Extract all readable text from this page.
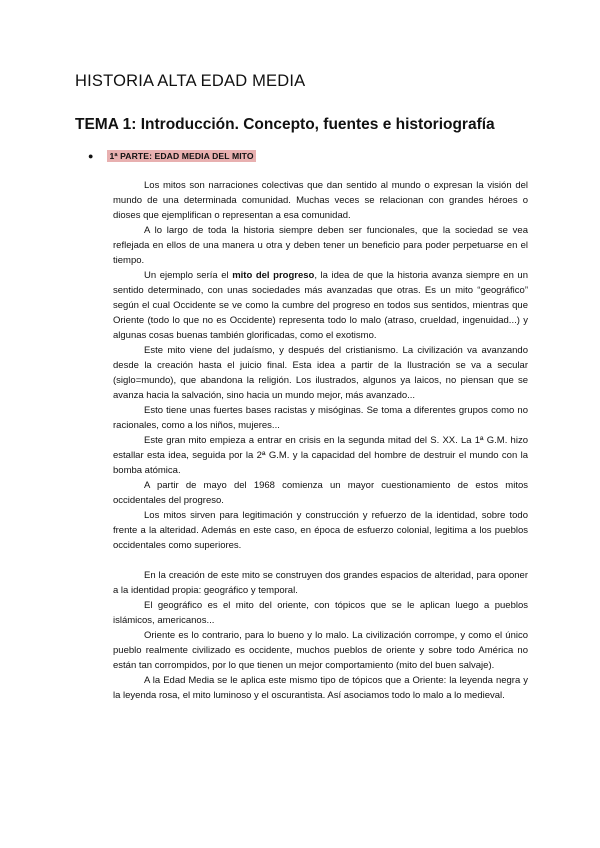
HISTORIA ALTA EDAD MEDIA
TEMA 1: Introducción. Concepto, fuentes e historiografía
● 1ª PARTE: EDAD MEDIA DEL MITO

Los mitos son narraciones colectivas que dan sentido al mundo o expresan la visión del mundo de una determinada comunidad. Muchas veces se relacionan con grandes héroes o dioses que ejemplifican o representan a esa comunidad.

A lo largo de toda la historia siempre deben ser funcionales, que la sociedad se vea reflejada en ellos de una manera u otra y deben tener un beneficio para poder perpetuarse en el tiempo.

Un ejemplo sería el mito del progreso, la idea de que la historia avanza siempre en un sentido determinado, con unas sociedades más avanzadas que otras. Es un mito “geográfico” según el cual Occidente se ve como la cumbre del progreso en todos sus sentidos, mientras que Oriente (todo lo que no es Occidente) representa todo lo malo (atraso, crueldad, ingenuidad...) y algunas cosas buenas también glorificadas, como el exotismo.

Este mito viene del judaísmo, y después del cristianismo. La civilización va avanzando desde la creación hasta el juicio final. Esta idea a partir de la Ilustración se va a secular (siglo=mundo), que abandona la religión. Los ilustrados, algunos ya laicos, no piensan que se avanza hacia la salvación, sino hacia un mundo mejor, más avanzado...

Esto tiene unas fuertes bases racistas y misóginas. Se toma a diferentes grupos como no racionales, como a los niños, mujeres...

Este gran mito empieza a entrar en crisis en la segunda mitad del S. XX. La 1ª G.M. hizo estallar esta idea, seguida por la 2ª G.M. y la capacidad del hombre de destruir el mundo con la bomba atómica.

A partir de mayo del 1968 comienza un mayor cuestionamiento de estos mitos occidentales del progreso.

Los mitos sirven para legitimación y construcción y refuerzo de la identidad, sobre todo frente a la alteridad. Además en este caso, en época de esfuerzo colonial, legitima a los pueblos occidentales como superiores.

En la creación de este mito se construyen dos grandes espacios de alteridad, para oponer a la identidad propia: geográfico y temporal.

El geográfico es el mito del oriente, con tópicos que se le aplican luego a pueblos islámicos, americanos...

Oriente es lo contrario, para lo bueno y lo malo. La civilización corrompe, y como el único pueblo realmente civilizado es occidente, muchos pueblos de oriente y sobre todo América no están tan corrompidos, por lo que tienen un mejor comportamiento (mito del buen salvaje).

A la Edad Media se le aplica este mismo tipo de tópicos que a Oriente: la leyenda negra y la leyenda rosa, el mito luminoso y el oscurantista. Así asociamos todo lo malo a lo medieval.
